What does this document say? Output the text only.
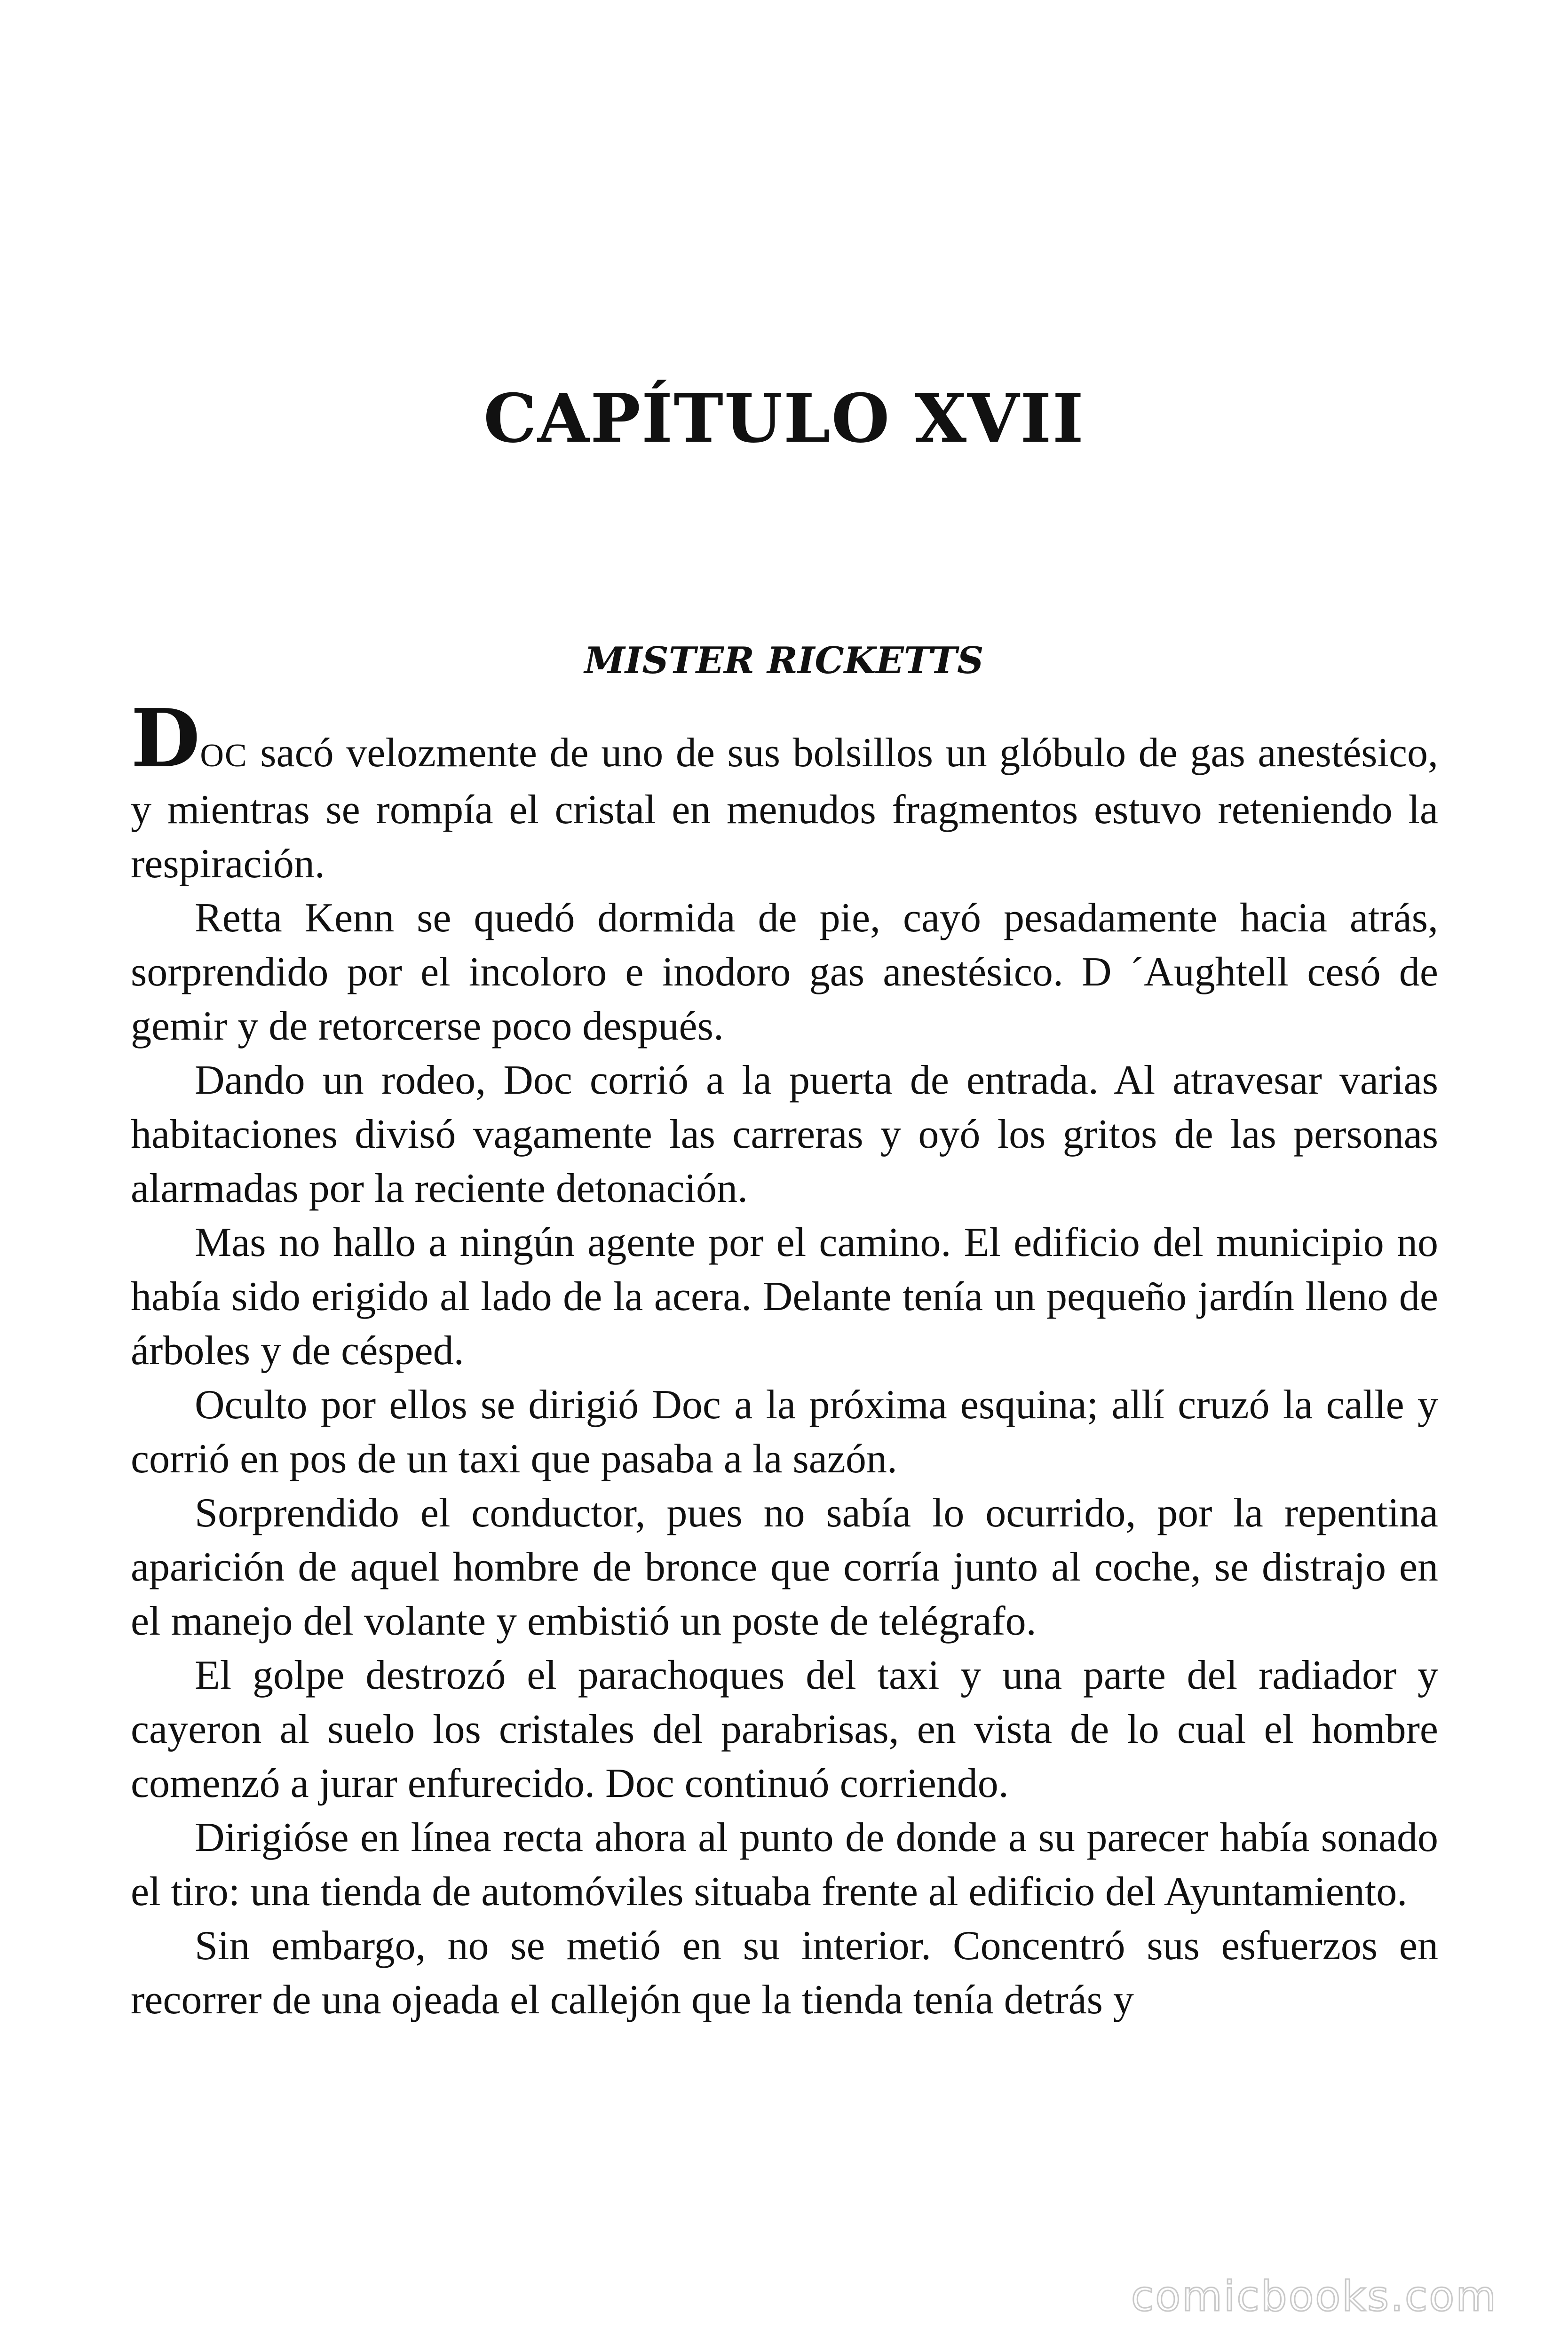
CAPÍTULO XVII
MISTER RICKETTS

DOC sacó velozmente de uno de sus bolsillos un glóbulo de gas anestésico, y mientras se rompía el cristal en menudos fragmentos estuvo reteniendo la respiración.

Retta Kenn se quedó dormida de pie, cayó pesadamente hacia atrás, sorprendido por el incoloro e inodoro gas anestésico. D ´Aughtell cesó de gemir y de retorcerse poco después.

Dando un rodeo, Doc corrió a la puerta de entrada. Al atravesar varias habitaciones divisó vagamente las carreras y oyó los gritos de las personas alarmadas por la reciente detonación.

Mas no hallo a ningún agente por el camino. El edificio del municipio no había sido erigido al lado de la acera. Delante tenía un pequeño jardín lleno de árboles y de césped.

Oculto por ellos se dirigió Doc a la próxima esquina; allí cruzó la calle y corrió en pos de un taxi que pasaba a la sazón.

Sorprendido el conductor, pues no sabía lo ocurrido, por la repentina aparición de aquel hombre de bronce que corría junto al coche, se distrajo en el manejo del volante y embistió un poste de telégrafo.

El golpe destrozó el parachoques del taxi y una parte del radiador y cayeron al suelo los cristales del parabrisas, en vista de lo cual el hombre comenzó a jurar enfurecido. Doc continuó corriendo.

Dirigióse en línea recta ahora al punto de donde a su parecer había sonado el tiro: una tienda de automóviles situaba frente al edificio del Ayuntamiento.

Sin embargo, no se metió en su interior. Concentró sus esfuerzos en recorrer de una ojeada el callejón que la tienda tenía detrás y

comicbooks.com
